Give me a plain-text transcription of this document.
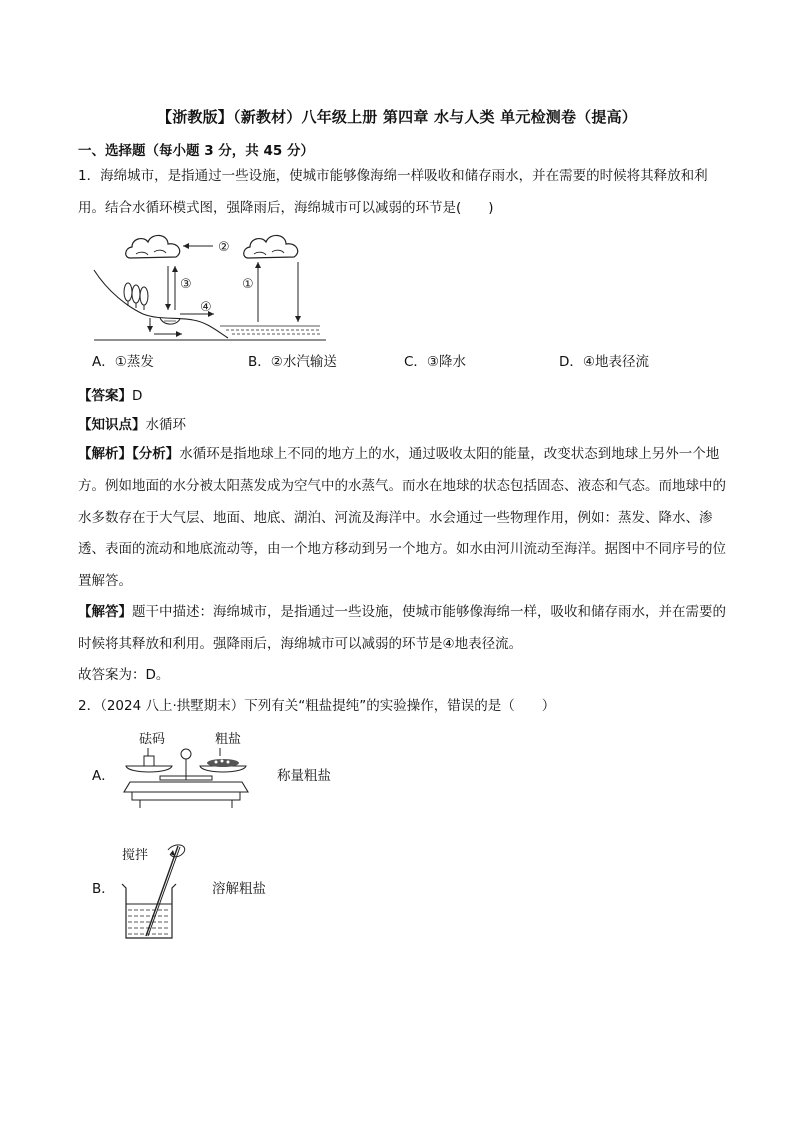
【浙教版】（新教材）八年级上册 第四章 水与人类 单元检测卷（提高）
一、选择题（每小题 3 分，共 45 分）
1．海绵城市，是指通过一些设施，使城市能够像海绵一样吸收和储存雨水，并在需要的时候将其释放和利用。结合水循环模式图，强降雨后，海绵城市可以减弱的环节是(　　)
②
③	①
④
A．①蒸发	B．②水汽输送	C．③降水	D．④地表径流
【答案】D
【知识点】水循环
【解析】【分析】水循环是指地球上不同的地方上的水，通过吸收太阳的能量，改变状态到地球上另外一个地方。例如地面的水分被太阳蒸发成为空气中的水蒸气。而水在地球的状态包括固态、液态和气态。而地球中的水多数存在于大气层、地面、地底、湖泊、河流及海洋中。水会通过一些物理作用，例如：蒸发、降水、渗透、表面的流动和地底流动等，由一个地方移动到另一个地方。如水由河川流动至海洋。据图中不同序号的位置解答。
【解答】题干中描述：海绵城市，是指通过一些设施，使城市能够像海绵一样，吸收和储存雨水，并在需要的时候将其释放和利用。强降雨后，海绵城市可以减弱的环节是④地表径流。
故答案为：D。
2．（2024 八上·拱墅期末）下列有关“粗盐提纯”的实验操作，错误的是（　　）
A．
砝码	粗盐
称量粗盐
搅拌
B．	溶解粗盐
